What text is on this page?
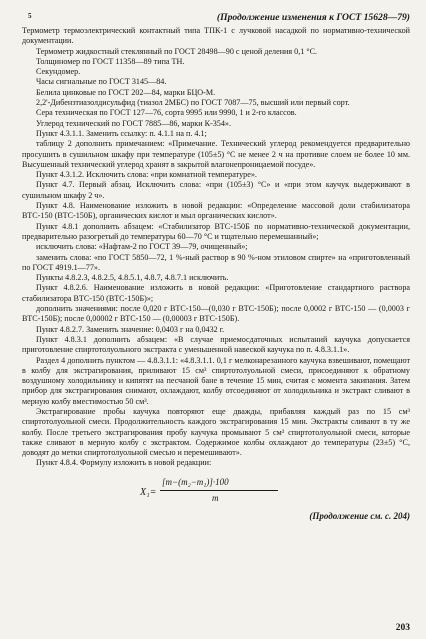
5	(Продолжение изменения к ГОСТ 15628—79)

Термометр термоэлектрический контактный типа ТПК-1 с лучковой насадкой по нормативно-технической документации.

Термометр жидкостный стеклянный по ГОСТ 28498—90 с ценой деления 0,1 °С.

Толщиномер по ГОСТ 11358—89 типа ТН.

Секундомер.

Часы сигнальные по ГОСТ 3145—84.

Белила цинковые по ГОСТ 202—84, марки БЦО-М.

2,2'-Дибензтиазолдисульфид (тиазол 2МБС) по ГОСТ 7087—75, высший или первый сорт.

Сера техническая по ГОСТ 127—76, сорта 9995 или 9990, 1 и 2-го классов.

Углерод технический по ГОСТ 7885—86, марки К-354».

Пункт 4.3.1.1. Заменить ссылку: п. 4.1.1 на п. 4.1;

таблицу 2 дополнить примечанием: «Примечание. Технический углерод рекомендуется предварительно просушить в сушильном шкафу при температуре (105±5) °С не менее 2 ч на противне слоем не более 10 мм. Высушенный технический углерод хранят в закрытой влагонепроницаемой посуде».

Пункт 4.3.1.2. Исключить слова: «при комнатной температуре».

Пункт 4.7. Первый абзац. Исключить слова: «при (105±3) °С» и «при этом каучук выдерживают в сушильном шкафу 2 ч».

Пункт 4.8. Наименование изложить в новой редакции: «Определение массовой доли стабилизатора ВТС-150 (ВТС-150Б), органических кислот и мыл органических кислот».

Пункт 4.8.1 дополнить абзацем: «Стабилизатор ВТС-150Б по нормативно-технической документации, предварительно разогретый до температуры 60—70 °С и тщательно перемешанный»;

исключить слова: «Нафтам-2 по ГОСТ 39—79, очищенный»;

заменить слова: «по ГОСТ 5850—72, 1 %-ный раствор в 90 %-ном этиловом спирте» на «приготовленный по ГОСТ 4919.1—77».

Пункты 4.8.2.3, 4.8.2.5, 4.8.5.1, 4.8.7, 4.8.7.1 исключить.

Пункт 4.8.2.6. Наименование изложить в новой редакции: «Приготовление стандартного раствора стабилизатора ВТС-150 (ВТС-150Б)»;

дополнить значениями: после 0,020 г ВТС-150—(0,030 г ВТС-150Б); после 0,0002 г ВТС-150 — (0,0003 г ВТС-150Б); после 0,00002 г ВТС-150 — (0,00003 г ВТС-150Б).

Пункт 4.8.2.7. Заменить значение: 0,0403 г на 0,0432 г.

Пункт 4.8.3.1 дополнить абзацем: «В случае приемосдаточных испытаний каучука допускается приготовление спиртотолуольного экстракта с уменьшенной навеской каучука по п. 4.8.3.1.1».

Раздел 4 дополнить пунктом — 4.8.3.1.1: «4.8.3.1.1. 0,1 г мелконарезанного каучука взвешивают, помещают в колбу для экстрагирования, приливают 15 см³ спиртотолуольной смеси, присоединяют к обратному воздушному холодильнику и кипятят на песчаной бане в течение 15 мин, считая с момента закипания. Затем прибор для экстрагирования снимают, охлаждают, колбу отсоединяют от холодильника и экстракт сливают в мерную колбу вместимостью 50 см³.

Экстрагирование пробы каучука повторяют еще дважды, прибавляя каждый раз по 15 см³ спиртотолуольной смеси. Продолжительность каждого экстрагирования 15 мин. Экстракты сливают в ту же колбу. После третьего экстрагирования пробу каучука промывают 5 см³ спиртотолуольной смеси, которые также сливают в мерную колбу с экстрактом. Содержимое колбы охлаждают до температуры (23±5) °С, доводят до метки спиртотолуольной смесью и перемешивают».

Пункт 4.8.4. Формулу изложить в новой редакции:

X₁=
[m−(m₂−m₁)]·100
m
(Продолжение см. с. 204)
203
